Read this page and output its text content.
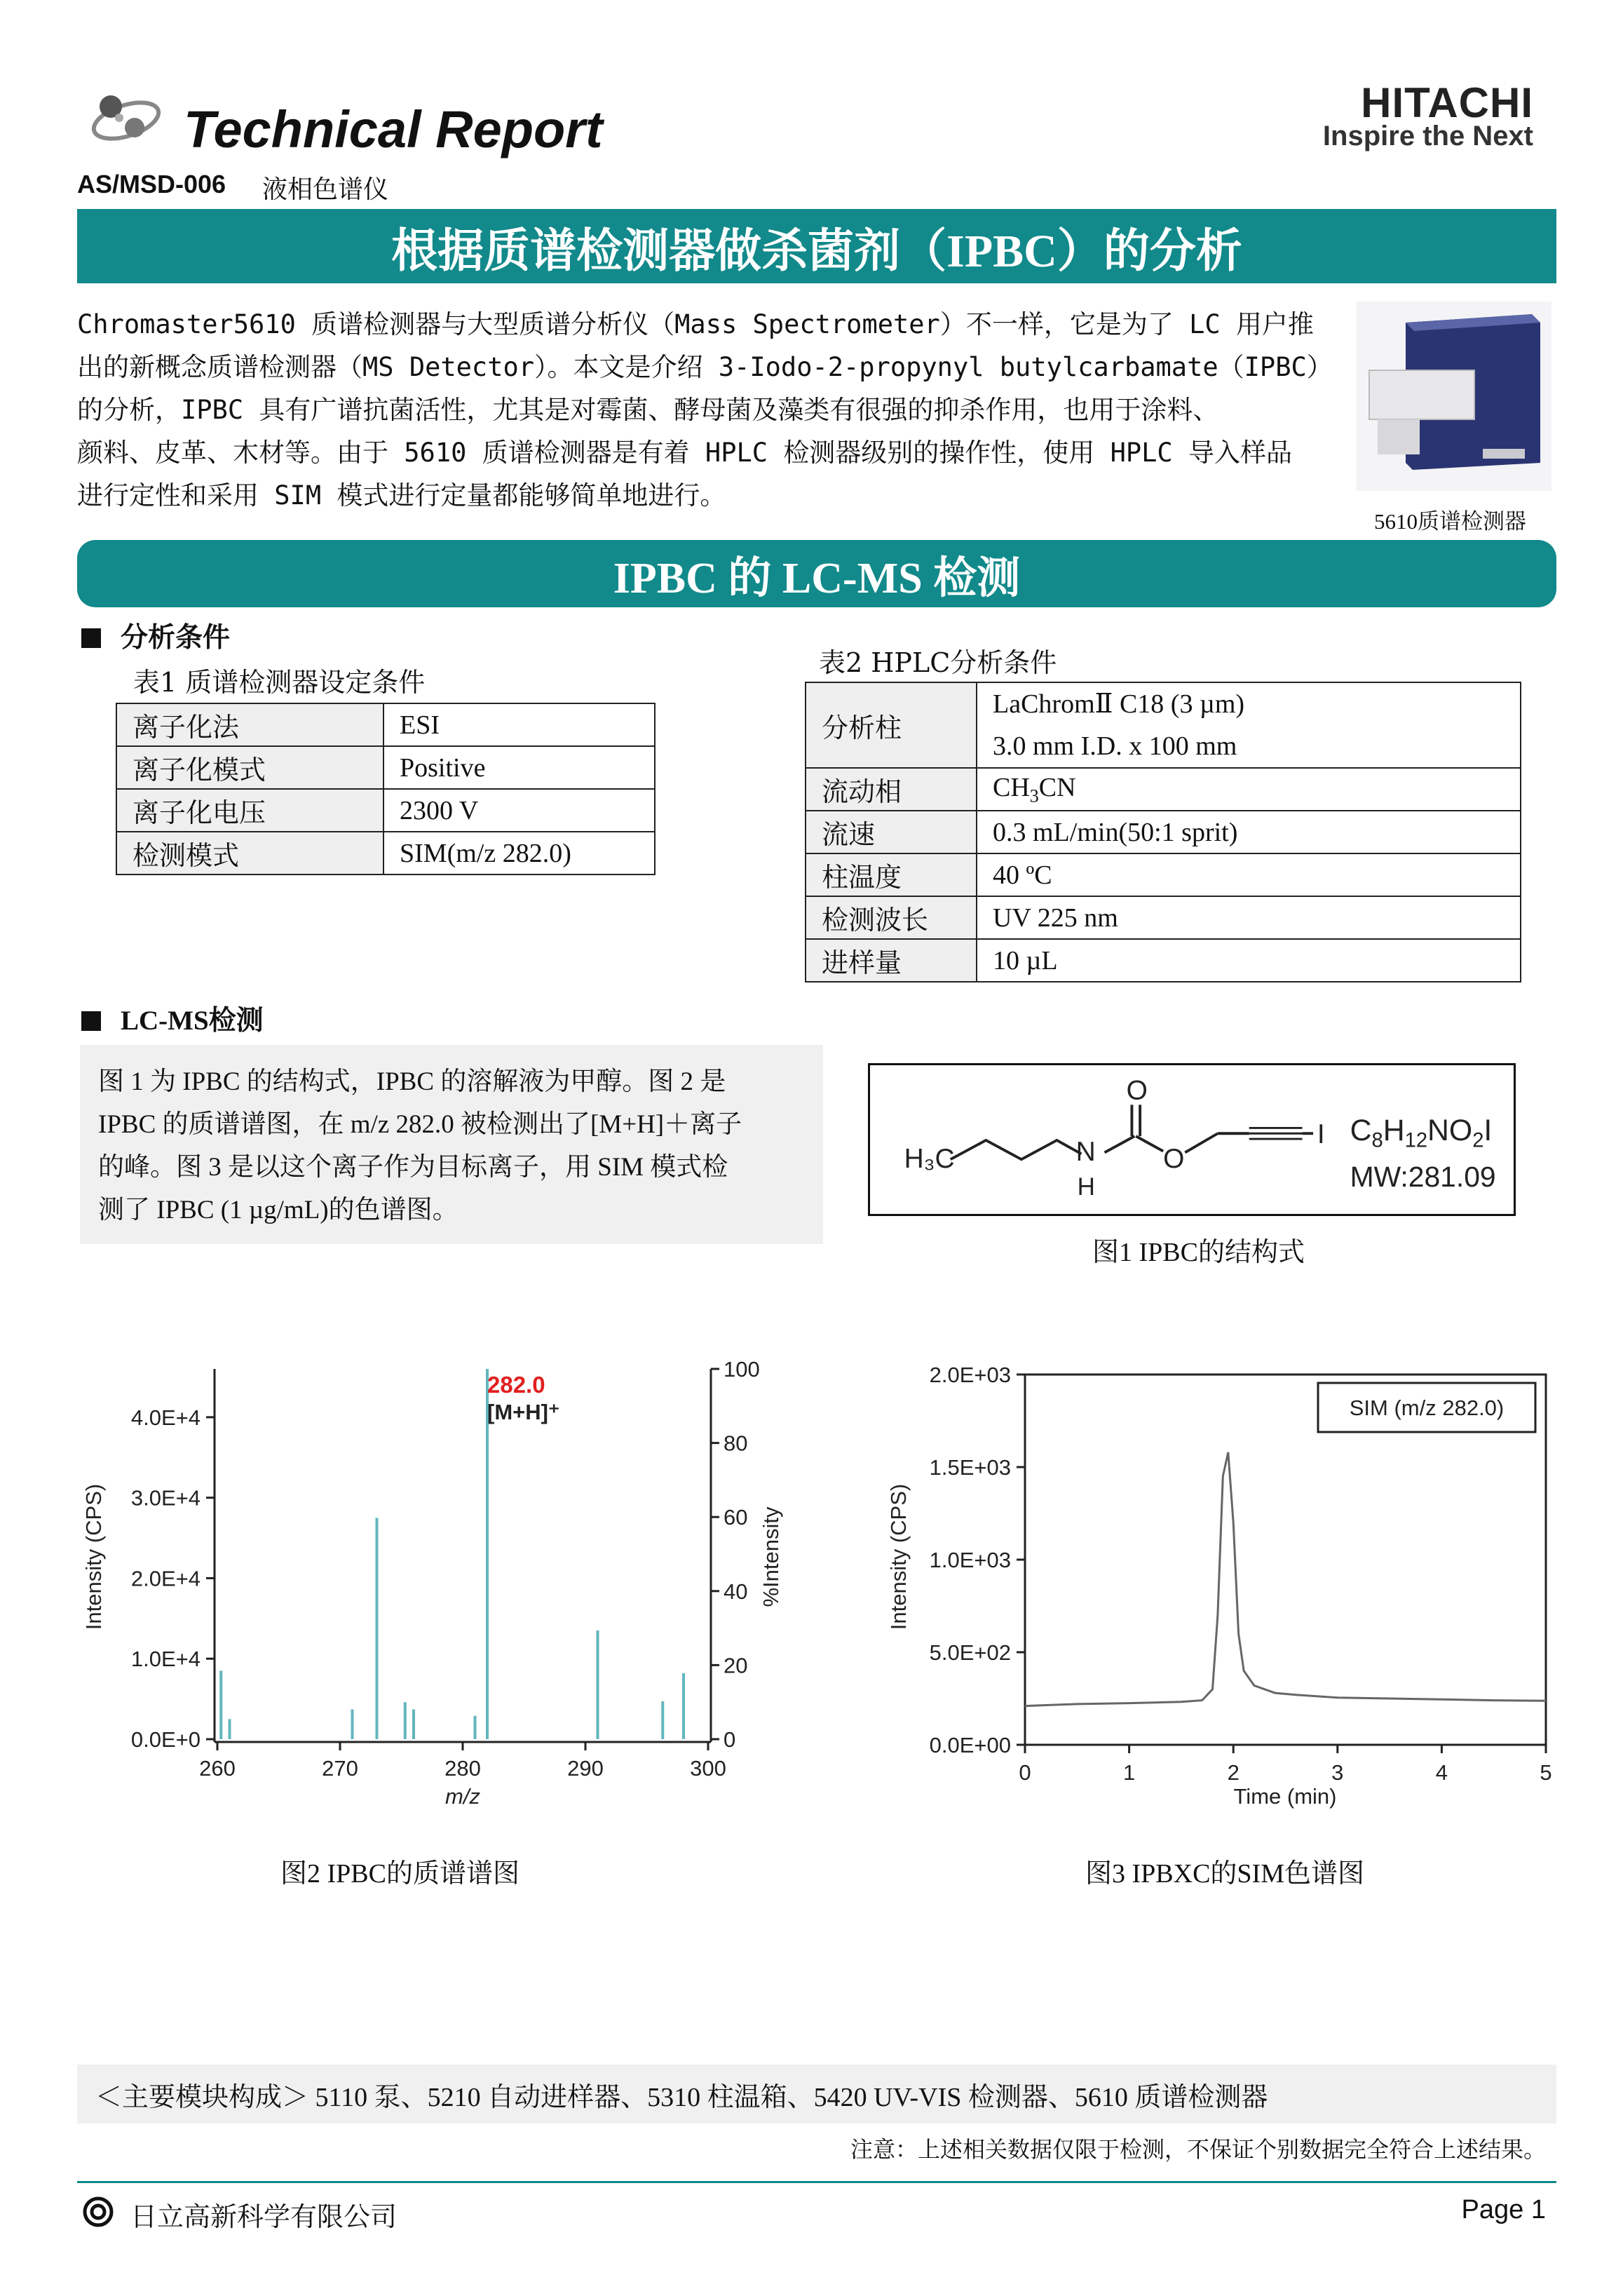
Technical Report
AS/MSD-006 液相色谱仪
HITACHI
Inspire the Next
根据质谱检测器做杀菌剂（IPBC）的分析
Chromaster5610 质谱检测器与大型质谱分析仪（Mass Spectrometer）不一样，它是为了 LC 用户推
出的新概念质谱检测器（MS Detector）。本文是介绍 3-Iodo-2-propynyl butylcarbamate（IPBC）
的分析，IPBC 具有广谱抗菌活性，尤其是对霉菌、酵母菌及藻类有很强的抑杀作用，也用于涂料、
颜料、皮革、木材等。由于 5610 质谱检测器是有着 HPLC 检测器级别的操作性，使用 HPLC 导入样品
进行定性和采用 SIM 模式进行定量都能够简单地进行。
5610质谱检测器
IPBC 的 LC-MS 检测
分析条件
表1 质谱检测器设定条件
离子化法	ESI
离子化模式	Positive
离子化电压	2300 V
检测模式	SIM(m/z 282.0)
表2 HPLC分析条件
分析柱	LaChromⅡ C18 (3 µm)
3.0 mm I.D. x 100 mm

流动相	$CH_3CN$
流速	0.3 mL/min(50:1 sprit)
柱温度	40 ºC
检测波长	UV 225 nm
进样量	10 µL
LC-MS检测
图 1 为 IPBC 的结构式，IPBC 的溶解液为甲醇。图 2 是
IPBC 的质谱谱图，在 m/z 282.0 被检测出了[M+H]＋离子
的峰。图 3 是以这个离子作为目标离子，用 SIM 模式检
测了 IPBC (1 µg/mL)的色谱图。
H₃C	N
H
O
O
I $C_8H_{12}NO_2I$
MW:281.09
图1 IPBC的结构式
0.0E+0
1.0E+4
2.0E+4
3.0E+4
4.0E+4
0
20
40
60
80
100
260	270	280	290	300
282.0
[M+H]⁺
m/z
Intensity (CPS)	%Intensity
0.0E+00
5.0E+02
1.0E+03
1.5E+03
2.0E+03
0	1	2	3	4	5
SIM (m/z 282.0)
Time (min)
Intensity (CPS)
图2 IPBC的质谱谱图	图3 IPBXC的SIM色谱图
＜主要模块构成＞ 5110 泵、5210 自动进样器、5310 柱温箱、5420 UV-VIS 检测器、5610 质谱检测器
注意：上述相关数据仅限于检测，不保证个别数据完全符合上述结果。
日立高新科学有限公司	Page 1
